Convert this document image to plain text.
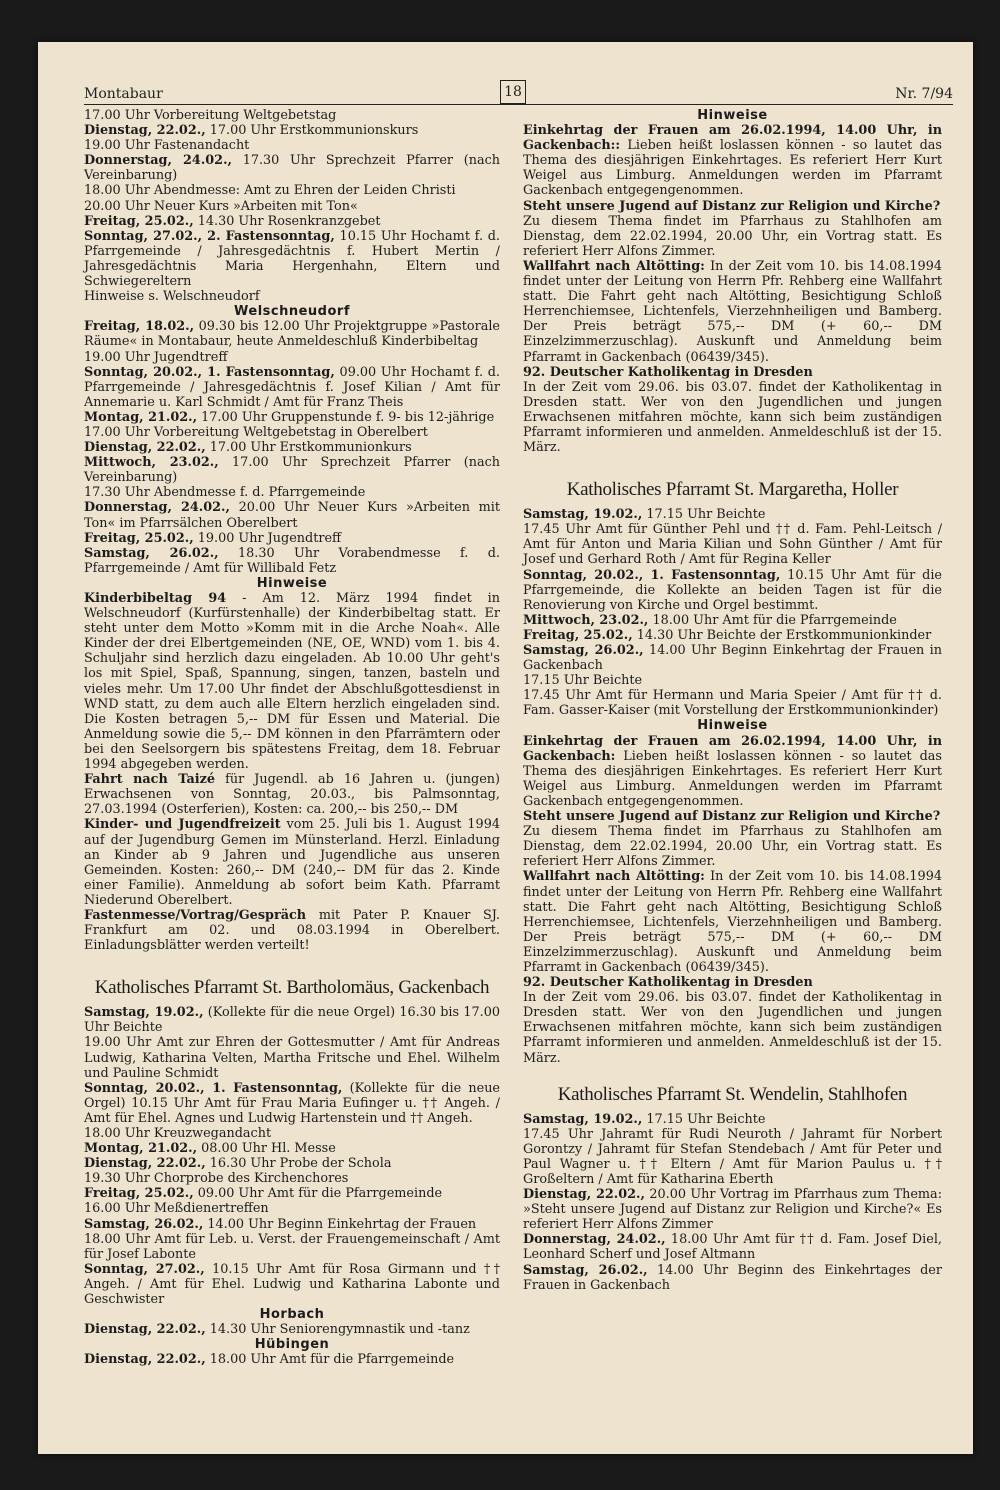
Montabaur	18	Nr. 7/94

17.00 Uhr Vorbereitung Weltgebetstag

Dienstag, 22.02., 17.00 Uhr Erstkommunionskurs

19.00 Uhr Fastenandacht

Donnerstag, 24.02., 17.30 Uhr Sprechzeit Pfarrer (nach Vereinbarung)

18.00 Uhr Abendmesse: Amt zu Ehren der Leiden Christi

20.00 Uhr Neuer Kurs »Arbeiten mit Ton«

Freitag, 25.02., 14.30 Uhr Rosenkranzgebet

Sonntag, 27.02., 2. Fastensonntag, 10.15 Uhr Hochamt f. d. Pfarrgemeinde / Jahresgedächtnis f. Hubert Mertin / Jahresgedächtnis Maria Hergenhahn, Eltern und Schwiegereltern

Hinweise s. Welschneudorf

Welschneudorf

Freitag, 18.02., 09.30 bis 12.00 Uhr Projektgruppe »Pastorale Räume« in Montabaur, heute Anmeldeschluß Kinderbibeltag

19.00 Uhr Jugendtreff

Sonntag, 20.02., 1. Fastensonntag, 09.00 Uhr Hochamt f. d. Pfarrgemeinde / Jahresgedächtnis f. Josef Kilian / Amt für Annemarie u. Karl Schmidt / Amt für Franz Theis

Montag, 21.02., 17.00 Uhr Gruppenstunde f. 9- bis 12-jährige

17.00 Uhr Vorbereitung Weltgebetstag in Oberelbert

Dienstag, 22.02., 17.00 Uhr Erstkommunionkurs

Mittwoch, 23.02., 17.00 Uhr Sprechzeit Pfarrer (nach Vereinbarung)

17.30 Uhr Abendmesse f. d. Pfarrgemeinde

Donnerstag, 24.02., 20.00 Uhr Neuer Kurs »Arbeiten mit Ton« im Pfarrsälchen Oberelbert

Freitag, 25.02., 19.00 Uhr Jugendtreff

Samstag, 26.02., 18.30 Uhr Vorabendmesse f. d. Pfarrgemeinde / Amt für Willibald Fetz

Hinweise

Kinderbibeltag 94 - Am 12. März 1994 findet in Welschneudorf (Kurfürstenhalle) der Kinderbibeltag statt. Er steht unter dem Motto »Komm mit in die Arche Noah«. Alle Kinder der drei Elbertgemeinden (NE, OE, WND) vom 1. bis 4. Schuljahr sind herzlich dazu eingeladen. Ab 10.00 Uhr geht's los mit Spiel, Spaß, Spannung, singen, tanzen, basteln und vieles mehr. Um 17.00 Uhr findet der Abschlußgottesdienst in WND statt, zu dem auch alle Eltern herzlich eingeladen sind. Die Kosten betragen 5,-- DM für Essen und Material. Die Anmeldung sowie die 5,-- DM können in den Pfarrämtern oder bei den Seelsorgern bis spätestens Freitag, dem 18. Februar 1994 abgegeben werden.

Fahrt nach Taizé für Jugendl. ab 16 Jahren u. (jungen) Erwachsenen von Sonntag, 20.03., bis Palmsonntag, 27.03.1994 (Osterferien), Kosten: ca. 200,-- bis 250,-- DM

Kinder- und Jugendfreizeit vom 25. Juli bis 1. August 1994 auf der Jugendburg Gemen im Münsterland. Herzl. Einladung an Kinder ab 9 Jahren und Jugendliche aus unseren Gemeinden. Kosten: 260,-- DM (240,-- DM für das 2. Kinde einer Familie). Anmeldung ab sofort beim Kath. Pfarramt Niederund Oberelbert.

Fastenmesse/Vortrag/Gespräch mit Pater P. Knauer SJ. Frankfurt am 02. und 08.03.1994 in Oberelbert. Einladungsblätter werden verteilt!

Katholisches Pfarramt St. Bartholomäus, Gackenbach

Samstag, 19.02., (Kollekte für die neue Orgel) 16.30 bis 17.00 Uhr Beichte

19.00 Uhr Amt zur Ehren der Gottesmutter / Amt für Andreas Ludwig, Katharina Velten, Martha Fritsche und Ehel. Wilhelm und Pauline Schmidt

Sonntag, 20.02., 1. Fastensonntag, (Kollekte für die neue Orgel) 10.15 Uhr Amt für Frau Maria Eufinger u. †† Angeh. / Amt für Ehel. Agnes und Ludwig Hartenstein und †† Angeh.

18.00 Uhr Kreuzwegandacht

Montag, 21.02., 08.00 Uhr Hl. Messe

Dienstag, 22.02., 16.30 Uhr Probe der Schola

19.30 Uhr Chorprobe des Kirchenchores

Freitag, 25.02., 09.00 Uhr Amt für die Pfarrgemeinde

16.00 Uhr Meßdienertreffen

Samstag, 26.02., 14.00 Uhr Beginn Einkehrtag der Frauen

18.00 Uhr Amt für Leb. u. Verst. der Frauengemeinschaft / Amt für Josef Labonte

Sonntag, 27.02., 10.15 Uhr Amt für Rosa Girmann und †† Angeh. / Amt für Ehel. Ludwig und Katharina Labonte und Geschwister

Horbach

Dienstag, 22.02., 14.30 Uhr Seniorengymnastik und -tanz

Hübingen

Dienstag, 22.02., 18.00 Uhr Amt für die Pfarrgemeinde

Hinweise

Einkehrtag der Frauen am 26.02.1994, 14.00 Uhr, in Gackenbach:: Lieben heißt loslassen können - so lautet das Thema des diesjährigen Einkehrtages. Es referiert Herr Kurt Weigel aus Limburg. Anmeldungen werden im Pfarramt Gackenbach entgegengenommen.

Steht unsere Jugend auf Distanz zur Religion und Kirche?

Zu diesem Thema findet im Pfarrhaus zu Stahlhofen am Dienstag, dem 22.02.1994, 20.00 Uhr, ein Vortrag statt. Es referiert Herr Alfons Zimmer.

Wallfahrt nach Altötting: In der Zeit vom 10. bis 14.08.1994 findet unter der Leitung von Herrn Pfr. Rehberg eine Wallfahrt statt. Die Fahrt geht nach Altötting, Besichtigung Schloß Herrenchiemsee, Lichtenfels, Vierzehnheiligen und Bamberg. Der Preis beträgt 575,-- DM (+ 60,-- DM Einzelzimmerzuschlag). Auskunft und Anmeldung beim Pfarramt in Gackenbach (06439/345).

92. Deutscher Katholikentag in Dresden

In der Zeit vom 29.06. bis 03.07. findet der Katholikentag in Dresden statt. Wer von den Jugendlichen und jungen Erwachsenen mitfahren möchte, kann sich beim zuständigen Pfarramt informieren und anmelden. Anmeldeschluß ist der 15. März.

Katholisches Pfarramt St. Margaretha, Holler

Samstag, 19.02., 17.15 Uhr Beichte

17.45 Uhr Amt für Günther Pehl und †† d. Fam. Pehl-Leitsch / Amt für Anton und Maria Kilian und Sohn Günther / Amt für Josef und Gerhard Roth / Amt für Regina Keller

Sonntag, 20.02., 1. Fastensonntag, 10.15 Uhr Amt für die Pfarrgemeinde, die Kollekte an beiden Tagen ist für die Renovierung von Kirche und Orgel bestimmt.

Mittwoch, 23.02., 18.00 Uhr Amt für die Pfarrgemeinde

Freitag, 25.02., 14.30 Uhr Beichte der Erstkommunionkinder

Samstag, 26.02., 14.00 Uhr Beginn Einkehrtag der Frauen in Gackenbach

17.15 Uhr Beichte

17.45 Uhr Amt für Hermann und Maria Speier / Amt für †† d. Fam. Gasser-Kaiser (mit Vorstellung der Erstkommunionkinder)

Hinweise

Einkehrtag der Frauen am 26.02.1994, 14.00 Uhr, in Gackenbach: Lieben heißt loslassen können - so lautet das Thema des diesjährigen Einkehrtages. Es referiert Herr Kurt Weigel aus Limburg. Anmeldungen werden im Pfarramt Gackenbach entgegengenommen.

Steht unsere Jugend auf Distanz zur Religion und Kirche?

Zu diesem Thema findet im Pfarrhaus zu Stahlhofen am Dienstag, dem 22.02.1994, 20.00 Uhr, ein Vortrag statt. Es referiert Herr Alfons Zimmer.

Wallfahrt nach Altötting: In der Zeit vom 10. bis 14.08.1994 findet unter der Leitung von Herrn Pfr. Rehberg eine Wallfahrt statt. Die Fahrt geht nach Altötting, Besichtigung Schloß Herrenchiemsee, Lichtenfels, Vierzehnheiligen und Bamberg. Der Preis beträgt 575,-- DM (+ 60,-- DM Einzelzimmerzuschlag). Auskunft und Anmeldung beim Pfarramt in Gackenbach (06439/345).

92. Deutscher Katholikentag in Dresden

In der Zeit vom 29.06. bis 03.07. findet der Katholikentag in Dresden statt. Wer von den Jugendlichen und jungen Erwachsenen mitfahren möchte, kann sich beim zuständigen Pfarramt informieren und anmelden. Anmeldeschluß ist der 15. März.

Katholisches Pfarramt St. Wendelin, Stahlhofen

Samstag, 19.02., 17.15 Uhr Beichte

17.45 Uhr Jahramt für Rudi Neuroth / Jahramt für Norbert Gorontzy / Jahramt für Stefan Stendebach / Amt für Peter und Paul Wagner u. †† Eltern / Amt für Marion Paulus u. †† Großeltern / Amt für Katharina Eberth

Dienstag, 22.02., 20.00 Uhr Vortrag im Pfarrhaus zum Thema: »Steht unsere Jugend auf Distanz zur Religion und Kirche?« Es referiert Herr Alfons Zimmer

Donnerstag, 24.02., 18.00 Uhr Amt für †† d. Fam. Josef Diel, Leonhard Scherf und Josef Altmann

Samstag, 26.02., 14.00 Uhr Beginn des Einkehrtages der Frauen in Gackenbach
